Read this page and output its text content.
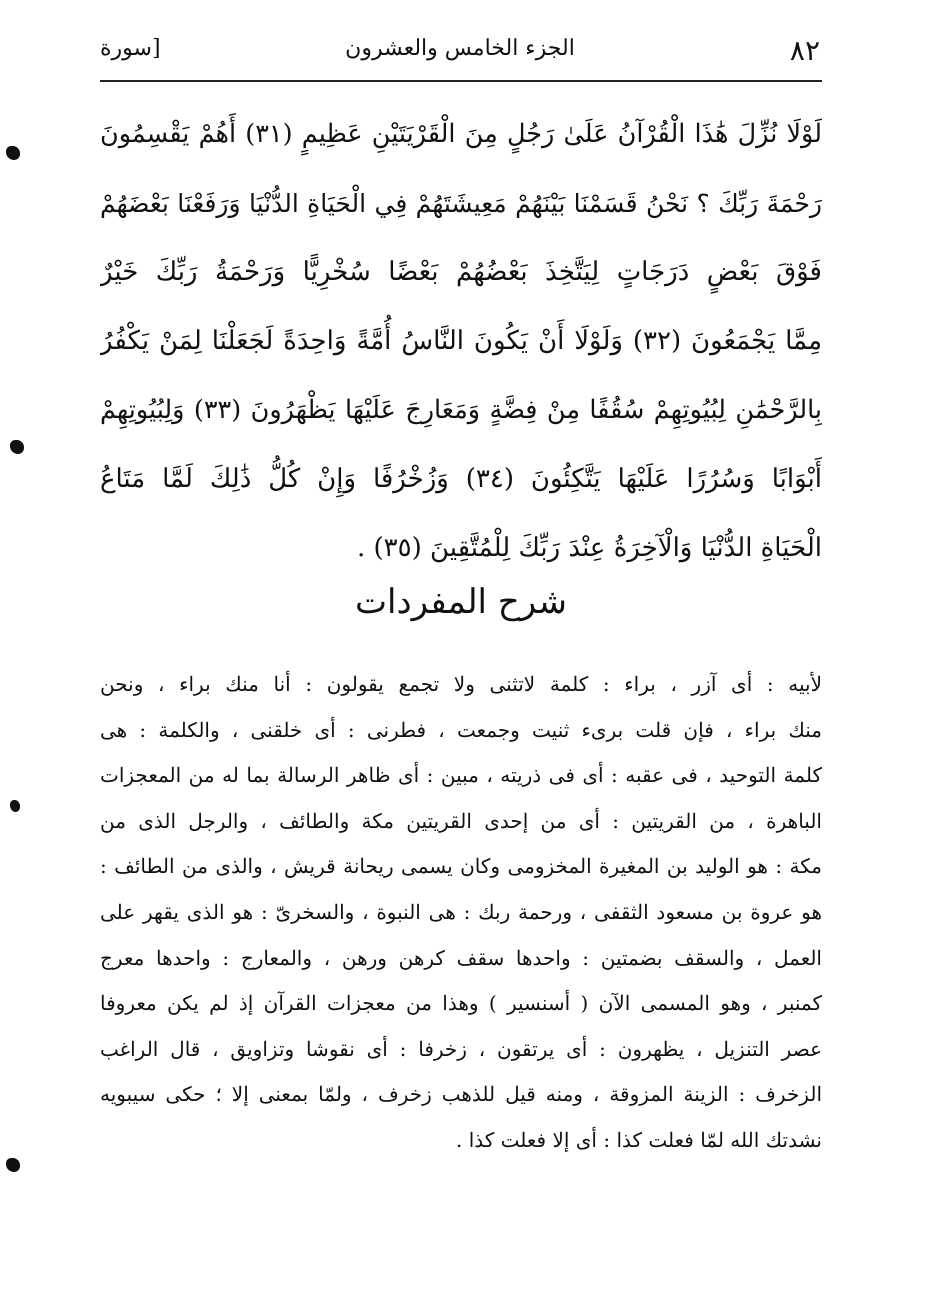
٨٢
الجزء الخامس والعشرون
[سورة
لَوْلَا نُزِّلَ هَٰذَا الْقُرْآنُ عَلَىٰ رَجُلٍ مِنَ الْقَرْيَتَيْنِ عَظِيمٍ (٣١) أَهُمْ يَقْسِمُونَ
رَحْمَةَ رَبِّكَ ؟ نَحْنُ قَسَمْنَا بَيْنَهُمْ مَعِيشَتَهُمْ فِي الْحَيَاةِ الدُّنْيَا وَرَفَعْنَا بَعْضَهُمْ
فَوْقَ بَعْضٍ دَرَجَاتٍ لِيَتَّخِذَ بَعْضُهُمْ بَعْضًا سُخْرِيًّا وَرَحْمَةُ رَبِّكَ خَيْرٌ
مِمَّا يَجْمَعُونَ (٣٢) وَلَوْلَا أَنْ يَكُونَ النَّاسُ أُمَّةً وَاحِدَةً لَجَعَلْنَا لِمَنْ يَكْفُرُ
بِالرَّحْمَٰنِ لِبُيُوتِهِمْ سُقُفًا مِنْ فِضَّةٍ وَمَعَارِجَ عَلَيْهَا يَظْهَرُونَ (٣٣) وَلِبُيُوتِهِمْ
أَبْوَابًا وَسُرُرًا عَلَيْهَا يَتَّكِئُونَ (٣٤) وَزُخْرُفًا وَإِنْ كُلُّ ذَٰلِكَ لَمَّا مَتَاعُ
الْحَيَاةِ الدُّنْيَا وَالْآخِرَةُ عِنْدَ رَبِّكَ لِلْمُتَّقِينَ (٣٥) .
شرح المفردات
لأبيه : أى آزر ، براء : كلمة لاتثنى ولا تجمع يقولون : أنا منك براء ، ونحن
منك براء ، فإن قلت برىء ثنيت وجمعت ، فطرنى : أى خلقنى ، والكلمة : هى
كلمة التوحيد ، فى عقبه : أى فى ذريته ، مبين : أى ظاهر الرسالة بما له من المعجزات
الباهرة ، من القريتين : أى من إحدى القريتين مكة والطائف ، والرجل الذى من
مكة : هو الوليد بن المغيرة المخزومى وكان يسمى ريحانة قريش ، والذى من الطائف :
هو عروة بن مسعود الثقفى ، ورحمة ربك : هى النبوة ، والسخرىّ : هو الذى يقهر على
العمل ، والسقف بضمتين : واحدها سقف كرهن ورهن ، والمعارج : واحدها معرج
كمنبر ، وهو المسمى الآن ( أسنسير ) وهذا من معجزات القرآن إذ لم يكن معروفا
عصر التنزيل ، يظهرون : أى يرتقون ، زخرفا : أى نقوشا وتزاويق ، قال الراغب
الزخرف : الزينة المزوقة ، ومنه قيل للذهب زخرف ، ولمّا بمعنى إلا ؛ حكى سيبويه
نشدتك الله لمّا فعلت كذا : أى إلا فعلت كذا .
